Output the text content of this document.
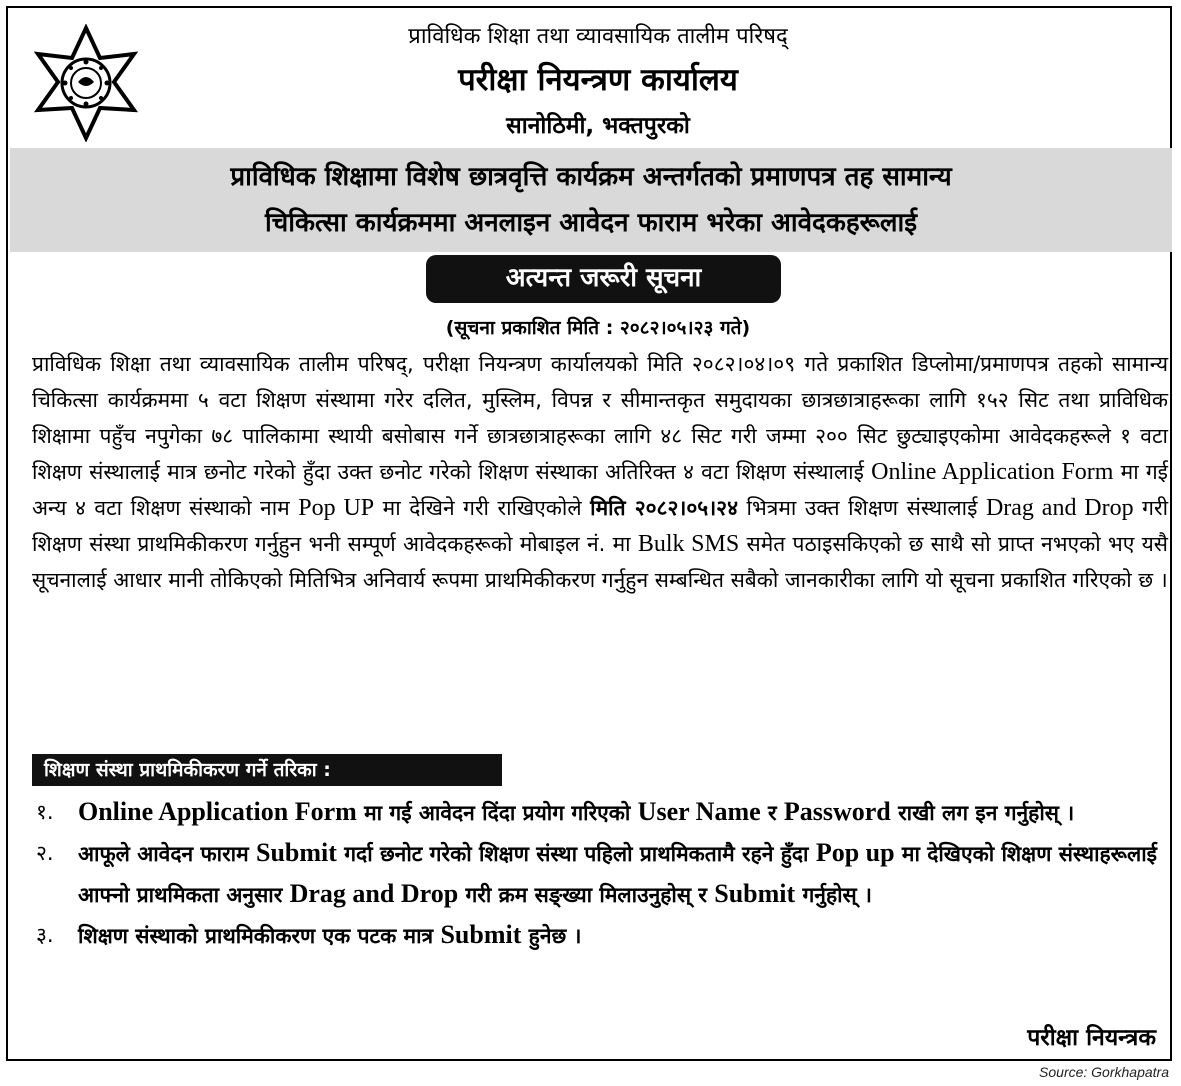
प्राविधिक शिक्षा तथा व्यावसायिक तालीम परिषद्
परीक्षा नियन्त्रण कार्यालय
सानोठिमी, भक्तपुरको
प्राविधिक शिक्षामा विशेष छात्रवृत्ति कार्यक्रम अन्तर्गतको प्रमाणपत्र तह सामान्य
चिकित्सा कार्यक्रममा अनलाइन आवेदन फाराम भरेका आवेदकहरूलाई
अत्यन्त जरूरी सूचना
(सूचना प्रकाशित मिति : २०८२।०५।२३ गते)
प्राविधिक शिक्षा तथा व्यावसायिक तालीम परिषद्, परीक्षा नियन्त्रण कार्यालयको मिति २०८२।०४।०९ गते प्रकाशित डिप्लोमा/प्रमाणपत्र तहको सामान्य चिकित्सा कार्यक्रममा ५ वटा शिक्षण संस्थामा गरेर दलित, मुस्लिम, विपन्न र सीमान्तकृत समुदायका छात्रछात्राहरूका लागि १५२ सिट तथा प्राविधिक शिक्षामा पहुँच नपुगेका ७८ पालिकामा स्थायी बसोबास गर्ने छात्रछात्राहरूका लागि ४८ सिट गरी जम्मा २०० सिट छुट्याइएकोमा आवेदकहरूले १ वटा शिक्षण संस्थालाई मात्र छनोट गरेको हुँदा उक्त छनोट गरेको शिक्षण संस्थाका अतिरिक्त ४ वटा शिक्षण संस्थालाई Online Application Form मा गई अन्य ४ वटा शिक्षण संस्थाको नाम Pop UP मा देखिने गरी राखिएकोले मिति २०८२।०५।२४ भित्रमा उक्त शिक्षण संस्थालाई Drag and Drop गरी शिक्षण संस्था प्राथमिकीकरण गर्नुहुन भनी सम्पूर्ण आवेदकहरूको मोबाइल नं. मा Bulk SMS समेत पठाइसकिएको छ साथै सो प्राप्त नभएको भए यसै सूचनालाई आधार मानी तोकिएको मितिभित्र अनिवार्य रूपमा प्राथमिकीकरण गर्नुहुन सम्बन्धित सबैको जानकारीका लागि यो सूचना प्रकाशित गरिएको छ ।
शिक्षण संस्था प्राथमिकीकरण गर्ने तरिका :
१. Online Application Form मा गई आवेदन दिंदा प्रयोग गरिएको User Name र Password राखी लग इन गर्नुहोस् ।
२. आफूले आवेदन फाराम Submit गर्दा छनोट गरेको शिक्षण संस्था पहिलो प्राथमिकतामै रहने हुँदा Pop up मा देखिएको शिक्षण संस्थाहरूलाई आफ्नो प्राथमिकता अनुसार Drag and Drop गरी क्रम सङ्ख्या मिलाउनुहोस् र Submit गर्नुहोस् ।
३. शिक्षण संस्थाको प्राथमिकीकरण एक पटक मात्र Submit हुनेछ ।
परीक्षा नियन्त्रक
Source: Gorkhapatra
